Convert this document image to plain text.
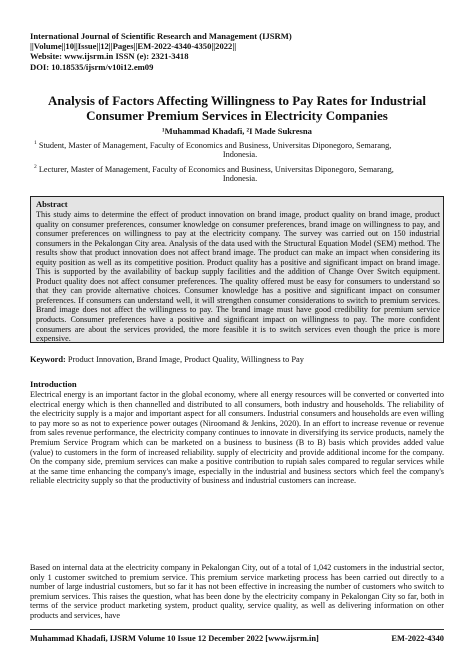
International Journal of Scientific Research and Management (IJSRM)
||Volume||10||Issue||12||Pages||EM-2022-4340-4350||2022||
Website: www.ijsrm.in ISSN (e): 2321-3418
DOI: 10.18535/ijsrm/v10i12.em09
Analysis of Factors Affecting Willingness to Pay Rates for Industrial Consumer Premium Services in Electricity Companies
¹Muhammad Khadafi, ²I Made Sukresna
$^1$ Student, Master of Management, Faculty of Economics and Business, Universitas Diponegoro, Semarang,
Indonesia.
$^2$ Lecturer, Master of Management, Faculty of Economics and Business, Universitas Diponegoro, Semarang,
Indonesia.
Abstract
This study aims to determine the effect of product innovation on brand image, product quality on brand image, product quality on consumer preferences, consumer knowledge on consumer preferences, brand image on willingness to pay, and consumer preferences on willingness to pay at the electricity company. The survey was carried out on 150 industrial consumers in the Pekalongan City area. Analysis of the data used with the Structural Equation Model (SEM) method. The results show that product innovation does not affect brand image. The product can make an impact when considering its equity position as well as its competitive position. Product quality has a positive and significant impact on brand image. This is supported by the availability of backup supply facilities and the addition of Change Over Switch equipment. Product quality does not affect consumer preferences. The quality offered must be easy for consumers to understand so that they can provide alternative choices. Consumer knowledge has a positive and significant impact on consumer preferences. If consumers can understand well, it will strengthen consumer considerations to switch to premium services. Brand image does not affect the willingness to pay. The brand image must have good credibility for premium service products. Consumer preferences have a positive and significant impact on willingness to pay. The more confident consumers are about the services provided, the more feasible it is to switch services even though the price is more expensive.
Keyword: Product Innovation, Brand Image, Product Quality, Willingness to Pay
Introduction
Electrical energy is an important factor in the global economy, where all energy resources will be converted or converted into electrical energy which is then channelled and distributed to all consumers, both industry and households. The reliability of the electricity supply is a major and important aspect for all consumers. Industrial consumers and households are even willing to pay more so as not to experience power outages (Niroomand & Jenkins, 2020). In an effort to increase revenue or revenue from sales revenue performance, the electricity company continues to innovate in diversifying its service products, namely the Premium Service Program which can be marketed on a business to business (B to B) basis which provides added value (value) to customers in the form of increased reliability. supply of electricity and provide additional income for the company. On the company side, premium services can make a positive contribution to rupiah sales compared to regular services while at the same time enhancing the company's image, especially in the industrial and business sectors which feel the company's reliable electricity supply so that the productivity of business and industrial customers can increase.
Based on internal data at the electricity company in Pekalongan City, out of a total of 1,042 customers in the industrial sector, only 1 customer switched to premium service. This premium service marketing process has been carried out directly to a number of large industrial customers, but so far it has not been effective in increasing the number of customers who switch to premium services. This raises the question, what has been done by the electricity company in Pekalongan City so far, both in terms of the service product marketing system, product quality, service quality, as well as delivering information on other products and services, have
Muhammad Khadafi, IJSRM Volume 10 Issue 12 December 2022 [www.ijsrm.in]	EM-2022-4340
